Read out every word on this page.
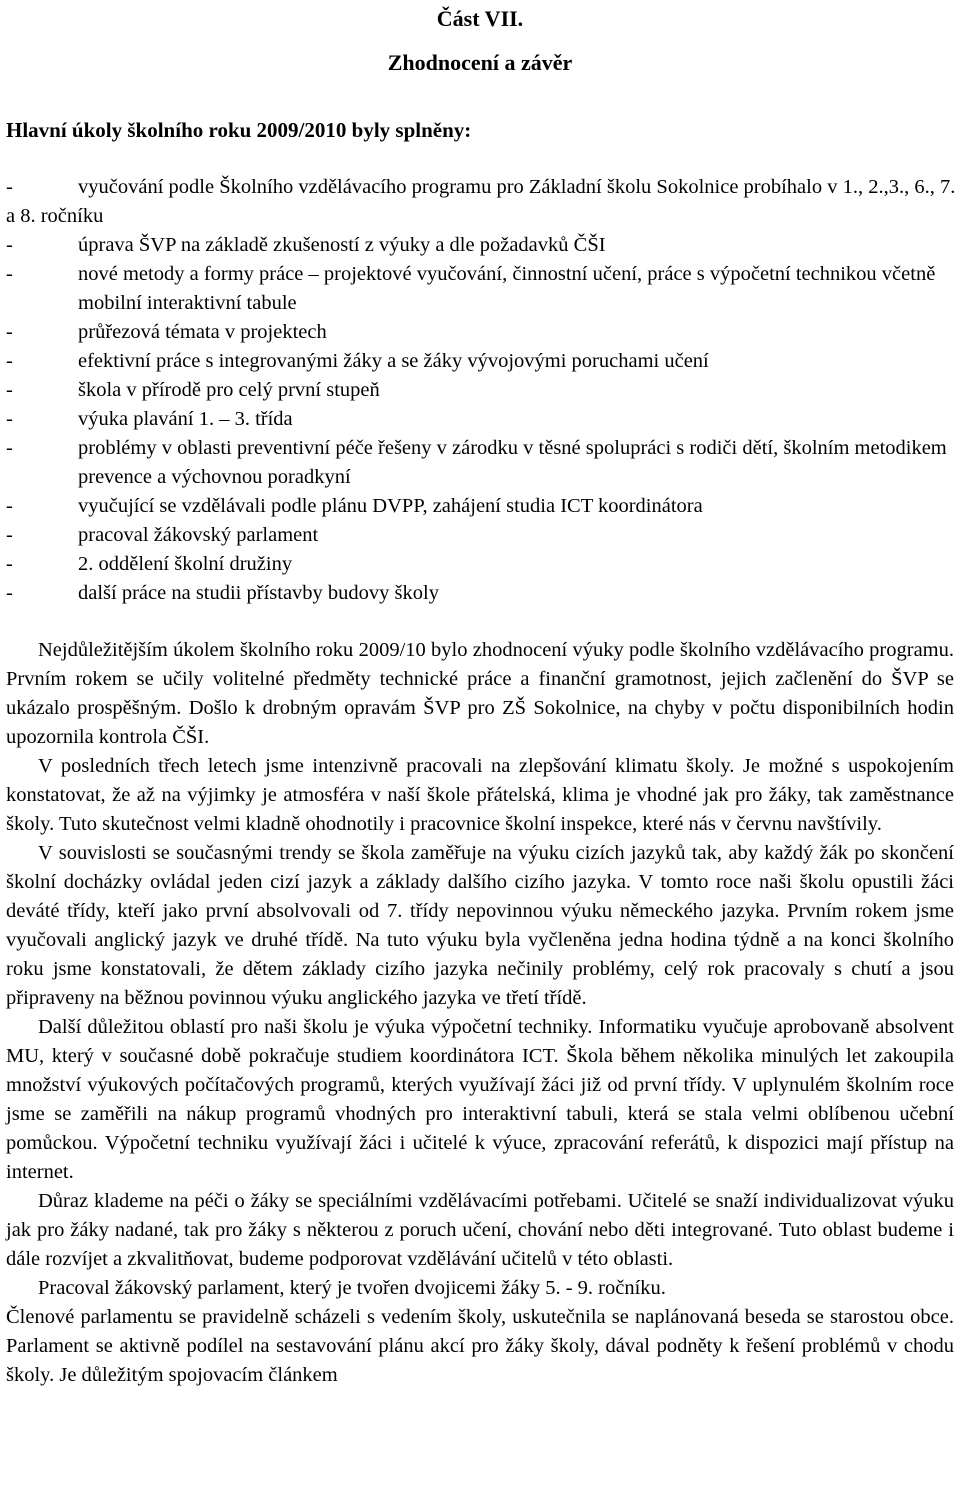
Část VII.
Zhodnocení a závěr
Hlavní úkoly školního roku 2009/2010 byly splněny:
-	vyučování podle Školního vzdělávacího programu pro Základní školu Sokolnice probíhalo v 1., 2.,3., 6., 7. a 8. ročníku
-	úprava ŠVP na základě zkušeností z výuky a dle požadavků ČŠI
-	nové metody a formy práce – projektové vyučování, činnostní učení, práce s výpočetní technikou včetně mobilní interaktivní tabule
-	průřezová témata v projektech
-	efektivní práce s integrovanými žáky a se žáky vývojovými poruchami učení
-	škola v přírodě pro celý první stupeň
-	výuka plavání 1. – 3. třída
-	problémy v oblasti preventivní péče řešeny v zárodku v těsné spolupráci s rodiči dětí, školním metodikem prevence a výchovnou poradkyní
-	vyučující se vzdělávali podle plánu DVPP, zahájení studia ICT koordinátora
-	pracoval žákovský parlament
-	2. oddělení školní družiny
-	další práce na studii přístavby budovy školy

Nejdůležitějším úkolem školního roku 2009/10 bylo zhodnocení výuky podle školního vzdělávacího programu. Prvním rokem se učily volitelné předměty technické práce a finanční gramotnost, jejich začlenění do ŠVP se ukázalo prospěšným. Došlo k drobným opravám ŠVP pro ZŠ Sokolnice, na chyby v počtu disponibilních hodin upozornila kontrola ČŠI.

V posledních třech letech jsme intenzivně pracovali na zlepšování klimatu školy. Je možné s uspokojením konstatovat, že až na výjimky je atmosféra v naší škole přátelská, klima je vhodné jak pro žáky, tak zaměstnance školy. Tuto skutečnost velmi kladně ohodnotily i pracovnice školní inspekce, které nás v červnu navštívily.

V souvislosti se současnými trendy se škola zaměřuje na výuku cizích jazyků tak, aby každý žák po skončení školní docházky ovládal jeden cizí jazyk a základy dalšího cizího jazyka. V tomto roce naši školu opustili žáci deváté třídy, kteří jako první absolvovali od 7. třídy nepovinnou výuku německého jazyka. Prvním rokem jsme vyučovali anglický jazyk ve druhé třídě. Na tuto výuku byla vyčleněna jedna hodina týdně a na konci školního roku jsme konstatovali, že dětem základy cizího jazyka nečinily problémy, celý rok pracovaly s chutí a jsou připraveny na běžnou povinnou výuku anglického jazyka ve třetí třídě.

Další důležitou oblastí pro naši školu je výuka výpočetní techniky. Informatiku vyučuje aprobovaně absolvent MU, který v současné době pokračuje studiem koordinátora ICT. Škola během několika minulých let zakoupila množství výukových počítačových programů, kterých využívají žáci již od první třídy. V uplynulém školním roce jsme se zaměřili na nákup programů vhodných pro interaktivní tabuli, která se stala velmi oblíbenou učební pomůckou. Výpočetní techniku využívají žáci i učitelé k výuce, zpracování referátů, k dispozici mají přístup na internet.

Důraz klademe na péči o žáky se speciálními vzdělávacími potřebami. Učitelé se snaží individualizovat výuku jak pro žáky nadané, tak pro žáky s některou z poruch učení, chování nebo děti integrované. Tuto oblast budeme i dále rozvíjet a zkvalitňovat, budeme podporovat vzdělávání učitelů v této oblasti.

Pracoval žákovský parlament, který je tvořen dvojicemi žáky 5. - 9. ročníku.

Členové parlamentu se pravidelně scházeli s vedením školy, uskutečnila se naplánovaná beseda se starostou obce. Parlament se aktivně podílel na sestavování plánu akcí pro žáky školy, dával podněty k řešení problémů v chodu školy. Je důležitým spojovacím článkem
